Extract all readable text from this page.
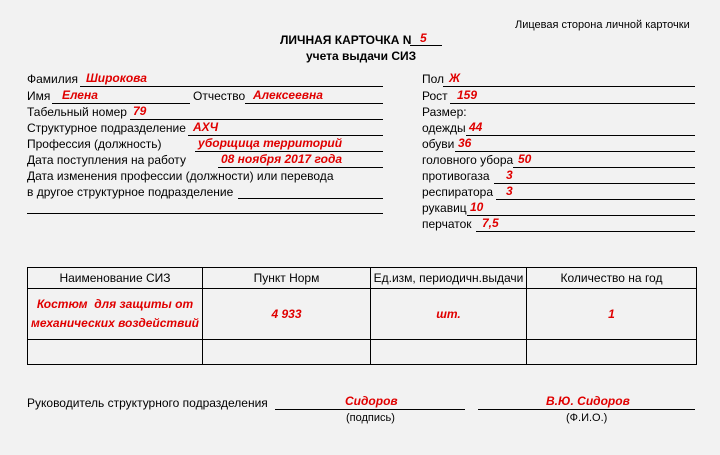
Лицевая сторона личной карточки
ЛИЧНАЯ КАРТОЧКА N 5
учета выдачи СИЗ
Фамилия Широкова
Имя Елена	Отчество Алексеевна
Табельный номер 79
Структурное подразделение АХЧ
Профессия (должность)	уборщица территорий
Дата поступления на работу	08 ноября 2017 года
Дата изменения профессии (должности) или перевода
в другое структурное подразделение
Пол Ж
Рост 159
Размер:
одежды 44
обуви 36
головного убора 50
противогаза 3
респиратора 3
рукавиц 10
перчаток 7,5
Наименование СИЗ	Пункт Норм	Ед.изм, периодичн.выдачи	Количество на год
Костюм для защиты от
механических воздействий	4 933	шт.	1

Руководитель структурного подразделения	Сидоров
(подпись)
В.Ю. Сидоров
(Ф.И.О.)
